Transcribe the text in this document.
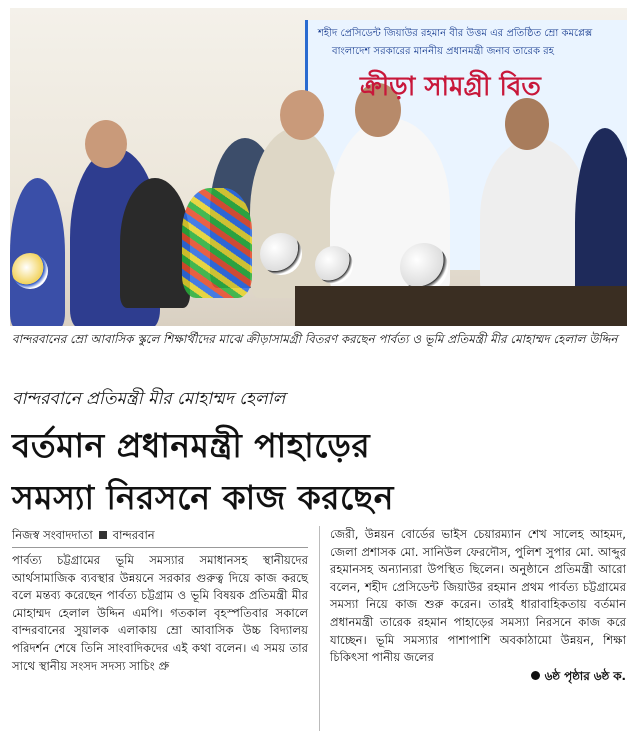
শহীদ প্রেসিডেন্ট জিয়াউর রহমান বীর উত্তম এর প্রতিষ্ঠিত ম্রো কমপ্লেক্স
বাংলাদেশ সরকারের মাননীয় প্রধানমন্ত্রী জনাব তারেক রহ
ক্রীড়া সামগ্রী বিত
বান্দরবানের ম্রো আবাসিক স্কুলে শিক্ষার্থীদের মাঝে ক্রীড়াসামগ্রী বিতরণ করছেন পার্বত্য ও ভূমি প্রতিমন্ত্রী মীর মোহাম্মদ হেলাল উদ্দিন
বান্দরবানে প্রতিমন্ত্রী মীর মোহাম্মদ হেলাল
বর্তমান প্রধানমন্ত্রী পাহাড়ের
সমস্যা নিরসনে কাজ করছেন
নিজস্ব সংবাদদাতা বান্দরবান
পার্বত্য চট্টগ্রামের ভূমি সমস্যার সমাধানসহ স্থানীয়দের আর্থসামাজিক ব্যবস্থার উন্নয়নে সরকার গুরুত্ব দিয়ে কাজ করছে বলে মন্তব্য করেছেন পার্বত্য চট্টগ্রাম ও ভূমি বিষয়ক প্রতিমন্ত্রী মীর মোহাম্মদ হেলাল উদ্দিন এমপি। গতকাল বৃহস্পতিবার সকালে বান্দরবানের সুয়ালক এলাকায় ম্রো আবাসিক উচ্চ বিদ্যালয় পরিদর্শন শেষে তিনি সাংবাদিকদের এই কথা বলেন। এ সময় তার সাথে স্থানীয় সংসদ সদস্য সাচিং প্রু
জেরী, উন্নয়ন বোর্ডের ভাইস চেয়ারম্যান শেখ সালেহ আহমদ, জেলা প্রশাসক মো. সানিউল ফেরদৌস, পুলিশ সুপার মো. আব্দুর রহমানসহ অন্যান্যরা উপস্থিত ছিলেন। অনুষ্ঠানে প্রতিমন্ত্রী আরো বলেন, শহীদ প্রেসিডেন্ট জিয়াউর রহমান প্রথম পার্বত্য চট্টগ্রামের সমস্যা নিয়ে কাজ শুরু করেন। তারই ধারাবাহিকতায় বর্তমান প্রধানমন্ত্রী তারেক রহমান পাহাড়ের সমস্যা নিরসনে কাজ করে যাচ্ছেন। ভূমি সমস্যার পাশাপাশি অবকাঠামো উন্নয়ন, শিক্ষা চিকিৎসা পানীয় জলের
৬ষ্ঠ পৃষ্ঠার ৬ষ্ঠ ক.
